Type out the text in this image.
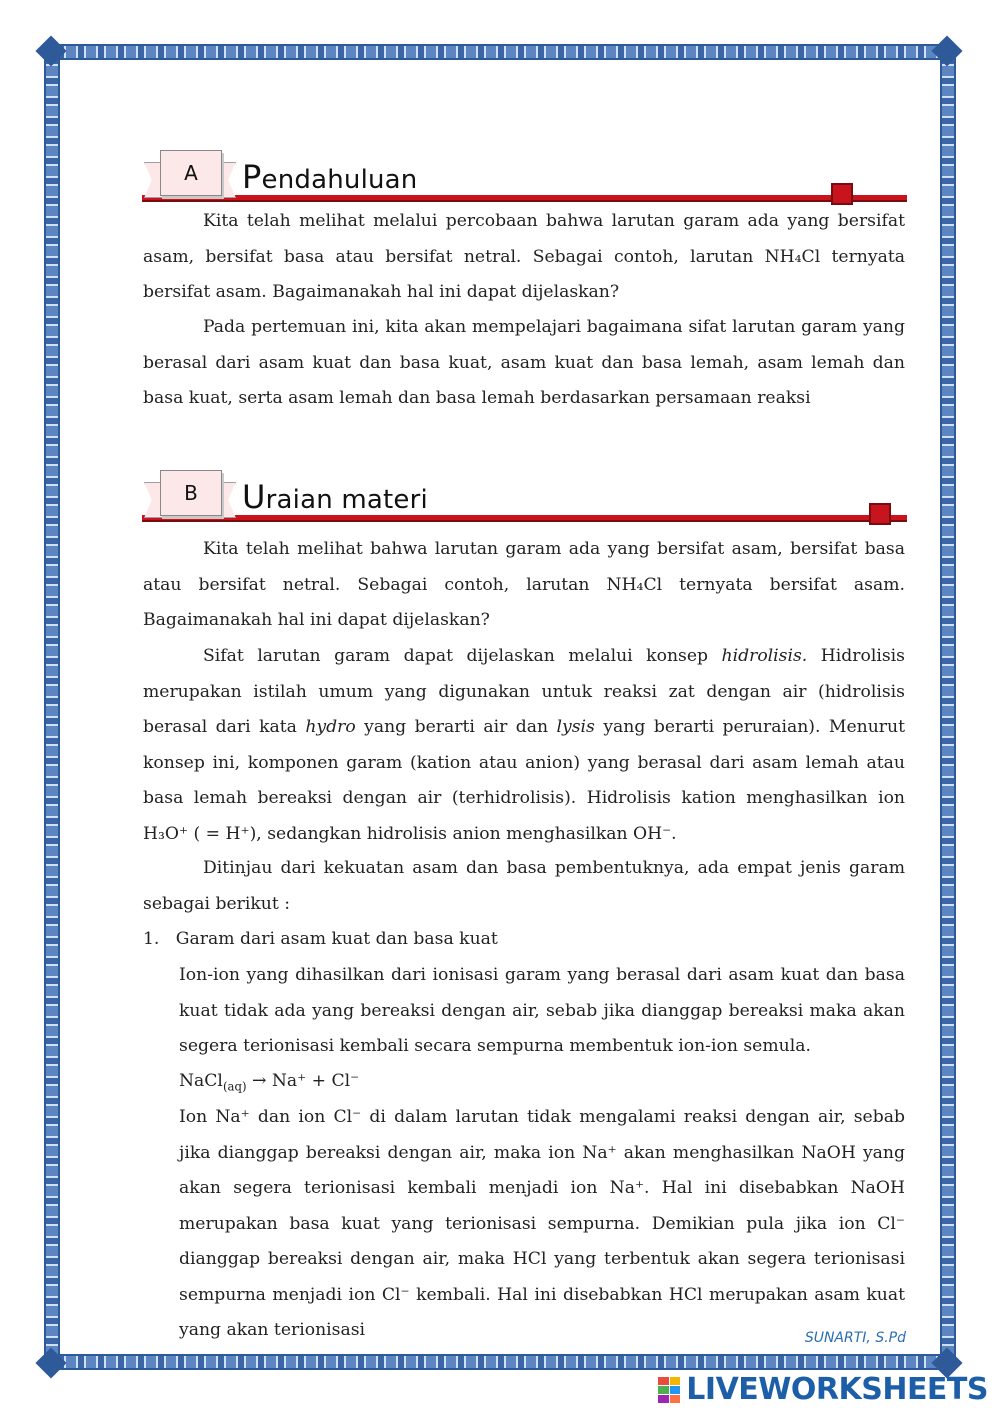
A	Pendahuluan

Kita telah melihat melalui percobaan bahwa larutan garam ada yang bersifat asam, bersifat basa atau bersifat netral. Sebagai contoh, larutan NH₄Cl ternyata bersifat asam. Bagaimanakah hal ini dapat dijelaskan?

Pada pertemuan ini, kita akan mempelajari bagaimana sifat larutan garam yang berasal dari asam kuat dan basa kuat, asam kuat dan basa lemah, asam lemah dan basa kuat, serta asam lemah dan basa lemah berdasarkan persamaan reaksi

B	Uraian materi

Kita telah melihat bahwa larutan garam ada yang bersifat asam, bersifat basa atau bersifat netral. Sebagai contoh, larutan NH₄Cl ternyata bersifat asam. Bagaimanakah hal ini dapat dijelaskan?

Sifat larutan garam dapat dijelaskan melalui konsep hidrolisis. Hidrolisis merupakan istilah umum yang digunakan untuk reaksi zat dengan air (hidrolisis berasal dari kata hydro yang berarti air dan lysis yang berarti peruraian). Menurut konsep ini, komponen garam (kation atau anion) yang berasal dari asam lemah atau basa lemah bereaksi dengan air (terhidrolisis). Hidrolisis kation menghasilkan ion H₃O⁺ ( = H⁺), sedangkan hidrolisis anion menghasilkan OH⁻.

Ditinjau dari kekuatan asam dan basa pembentuknya, ada empat jenis garam sebagai berikut :

1. Garam dari asam kuat dan basa kuat

Ion-ion yang dihasilkan dari ionisasi garam yang berasal dari asam kuat dan basa kuat tidak ada yang bereaksi dengan air, sebab jika dianggap bereaksi maka akan segera terionisasi kembali secara sempurna membentuk ion-ion semula.

NaCl$_{(aq)}$ → Na⁺ + Cl⁻

Ion Na⁺ dan ion Cl⁻ di dalam larutan tidak mengalami reaksi dengan air, sebab jika dianggap bereaksi dengan air, maka ion Na⁺ akan menghasilkan NaOH yang akan segera terionisasi kembali menjadi ion Na⁺. Hal ini disebabkan NaOH merupakan basa kuat yang terionisasi sempurna. Demikian pula jika ion Cl⁻ dianggap bereaksi dengan air, maka HCl yang terbentuk akan segera terionisasi sempurna menjadi ion Cl⁻ kembali. Hal ini disebabkan HCl merupakan asam kuat yang akan terionisasi	SUNARTI, S.Pd
LIVEWORKSHEETS
